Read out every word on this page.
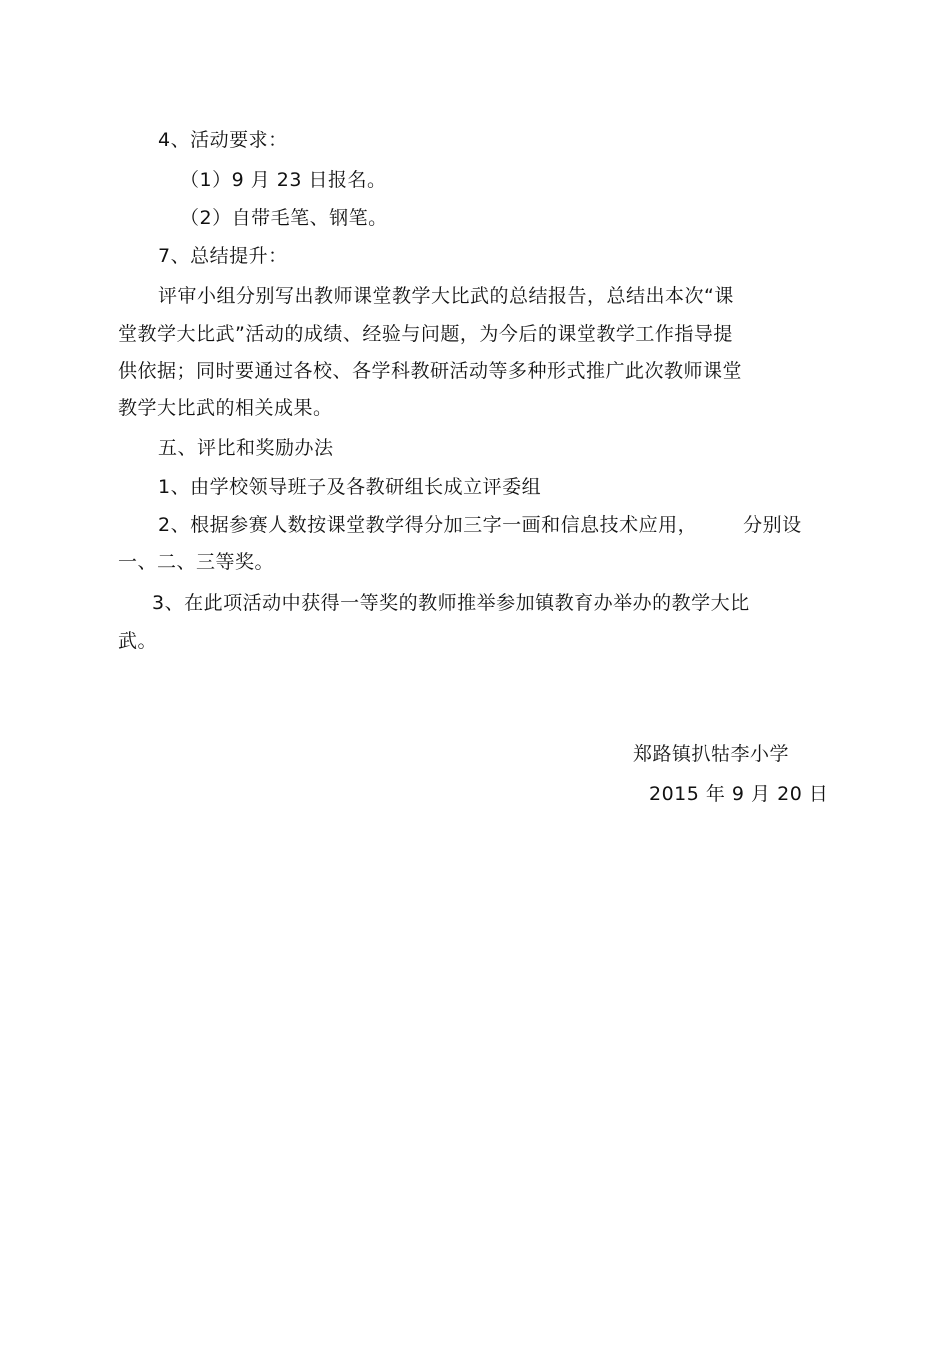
4、活动要求：
（1）9 月 23 日报名。
（2）自带毛笔、钢笔。
7、总结提升：
评审小组分别写出教师课堂教学大比武的总结报告，总结出本次“课
堂教学大比武”活动的成绩、经验与问题，为今后的课堂教学工作指导提
供依据；同时要通过各校、各学科教研活动等多种形式推广此次教师课堂
教学大比武的相关成果。
五、评比和奖励办法
1、由学校领导班子及各教研组长成立评委组
2、根据参赛人数按课堂教学得分加三字一画和信息技术应用， 分别设
一、二、三等奖。
3、在此项活动中获得一等奖的教师推举参加镇教育办举办的教学大比
武。
郑路镇扒牯李小学
2015 年 9 月 20 日
